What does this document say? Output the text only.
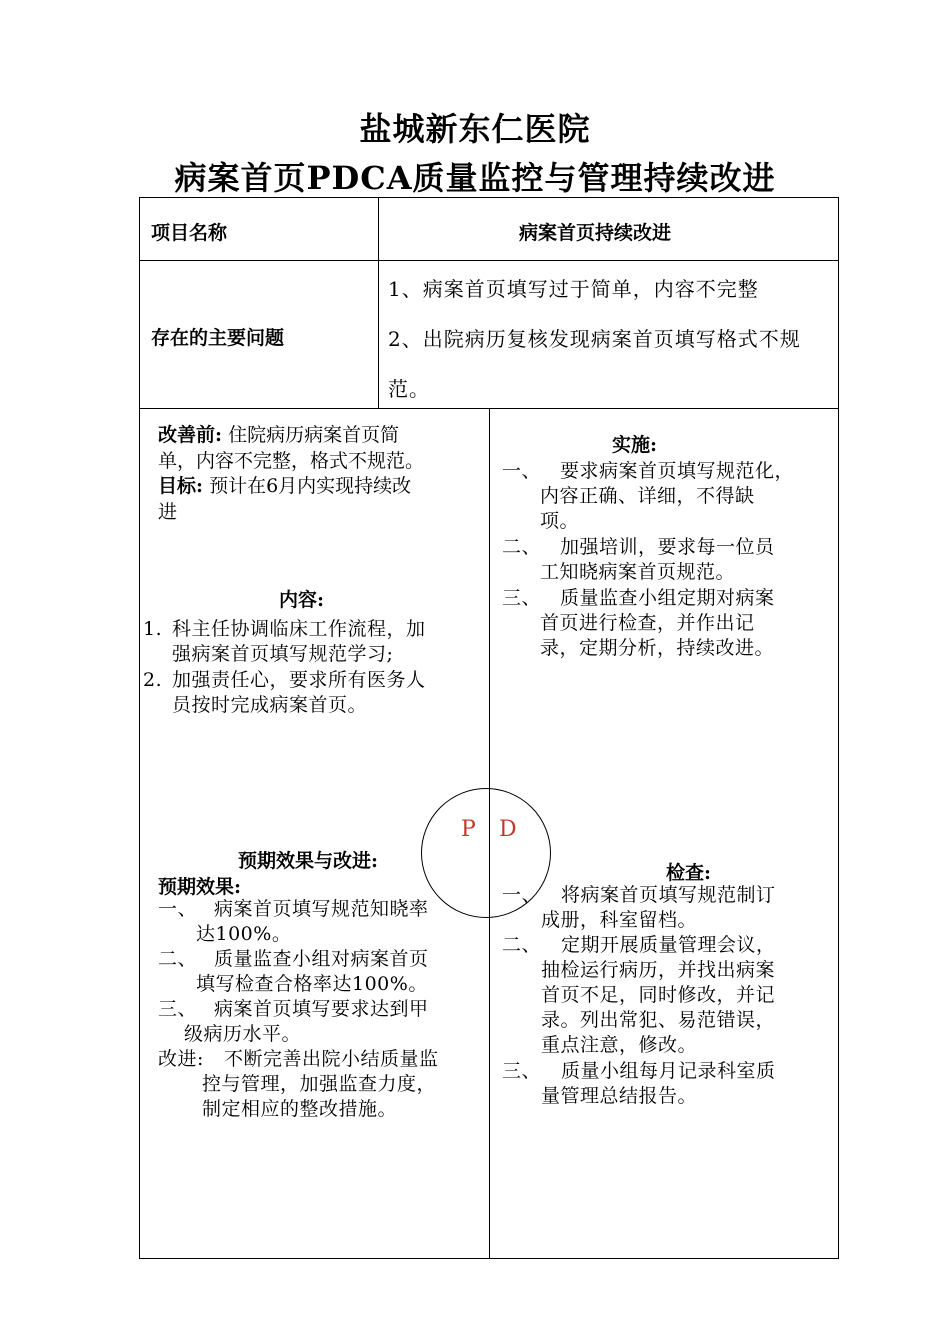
盐城新东仁医院
病案首页PDCA质量监控与管理持续改进
项目名称	病案首页持续改进
存在的主要问题
1、病案首页填写过于简单，内容不完整
2、出院病历复核发现病案首页填写格式不规
范。
改善前: 住院病历病案首页简
单，内容不完整，格式不规范。
目标: 预计在6月内实现持续改
进
内容:
1. 科主任协调临床工作流程，加
强病案首页填写规范学习;
2. 加强责任心，要求所有医务人
员按时完成病案首页。
实施:
一、 要求病案首页填写规范化，
内容正确、详细，不得缺
项。
二、 加强培训，要求每一位员
工知晓病案首页规范。
三、 质量监查小组定期对病案
首页进行检查，并作出记
录，定期分析，持续改进。
P D
预期效果与改进:
预期效果:
一、 病案首页填写规范知晓率
达100%。
二、 质量监查小组对病案首页
填写检查合格率达100%。
三、 病案首页填写要求达到甲
级病历水平。
改进: 不断完善出院小结质量监
控与管理，加强监查力度，
制定相应的整改措施。
检查:
一、 将病案首页填写规范制订
成册，科室留档。
二、 定期开展质量管理会议，
抽检运行病历，并找出病案
首页不足，同时修改，并记
录。列出常犯、易范错误，
重点注意，修改。
三、 质量小组每月记录科室质
量管理总结报告。
